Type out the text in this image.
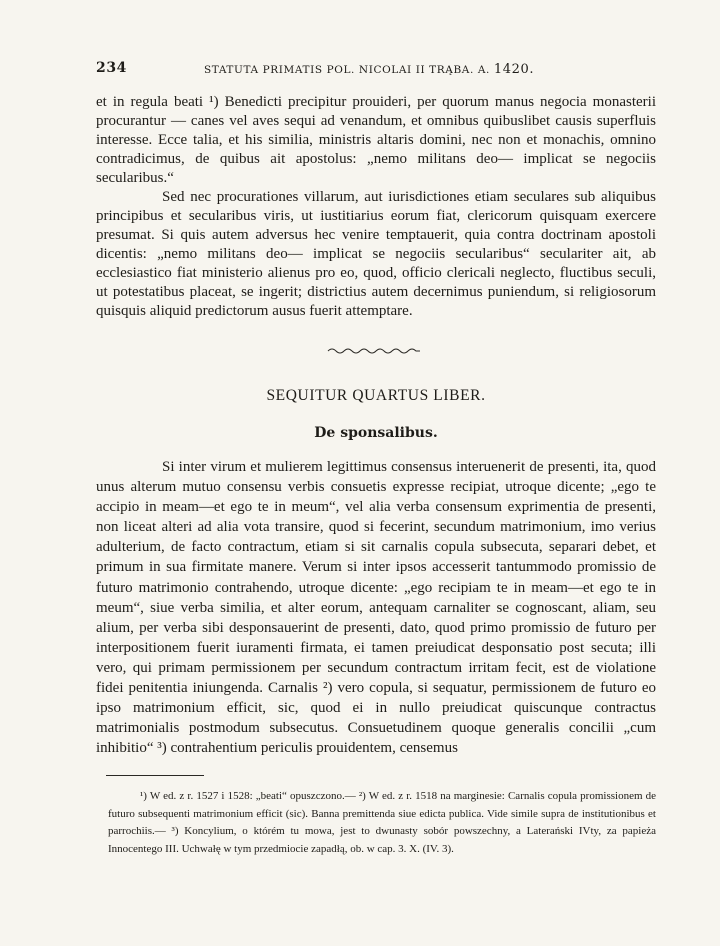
234	STATUTA PRIMATIS POL. NICOLAI II TRĄBA. A. 1420.

et in regula beati ¹) Benedicti precipitur prouideri, per quorum manus negocia monasterii procurantur — canes vel aves sequi ad venandum, et omnibus quibuslibet causis superfluis interesse. Ecce talia, et his similia, ministris altaris domini, nec non et monachis, omnino contradicimus, de quibus ait apostolus: „nemo militans deo— implicat se negociis secularibus.“

Sed nec procurationes villarum, aut iurisdictiones etiam seculares sub aliquibus principibus et secularibus viris, ut iustitiarius eorum fiat, clericorum quisquam exercere presumat. Si quis autem adversus hec venire temptauerit, quia contra doctrinam apostoli dicentis: „nemo militans deo— implicat se negociis secularibus“ seculariter ait, ab ecclesiastico fiat ministerio alienus pro eo, quod, officio clericali neglecto, fluctibus seculi, ut potestatibus placeat, se ingerit; districtius autem decernimus puniendum, si religiosorum quisquis aliquid predictorum ausus fuerit attemptare.

SEQUITUR QUARTUS LIBER.
De sponsalibus.

Si inter virum et mulierem legittimus consensus interuenerit de presenti, ita, quod unus alterum mutuo consensu verbis consuetis expresse recipiat, utroque dicente; „ego te accipio in meam—et ego te in meum“, vel alia verba consensum exprimentia de presenti, non liceat alteri ad alia vota transire, quod si fecerint, secundum matrimonium, imo verius adulterium, de facto contractum, etiam si sit carnalis copula subsecuta, separari debet, et primum in sua firmitate manere. Verum si inter ipsos accesserit tantummodo promissio de futuro matrimonio contrahendo, utroque dicente: „ego recipiam te in meam—et ego te in meum“, siue verba similia, et alter eorum, antequam carnaliter se cognoscant, aliam, seu alium, per verba sibi desponsauerint de presenti, dato, quod primo promissio de futuro per interpositionem fuerit iuramenti firmata, ei tamen preiudicat desponsatio post secuta; illi vero, qui primam permissionem per secundum contractum irritam fecit, est de violatione fidei penitentia iniungenda. Carnalis ²) vero copula, si sequatur, permissionem de futuro eo ipso matrimonium efficit, sic, quod ei in nullo preiudicat quiscunque contractus matrimonialis postmodum subsecutus. Consuetudinem quoque generalis concilii „cum inhibitio“ ³) contrahentium periculis prouidentem, censemus

¹) W ed. z r. 1527 i 1528: „beati“ opuszczono.— ²) W ed. z r. 1518 na marginesie: Carnalis copula promissionem de futuro subsequenti matrimonium efficit (sic). Banna premittenda siue edicta publica. Vide simile supra de institutionibus et parrochiis.— ³) Koncylium, o którém tu mowa, jest to dwunasty sobór powszechny, a Laterański IVty, za papieża Innocentego III. Uchwałę w tym przedmiocie zapadłą, ob. w cap. 3. X. (IV. 3).
